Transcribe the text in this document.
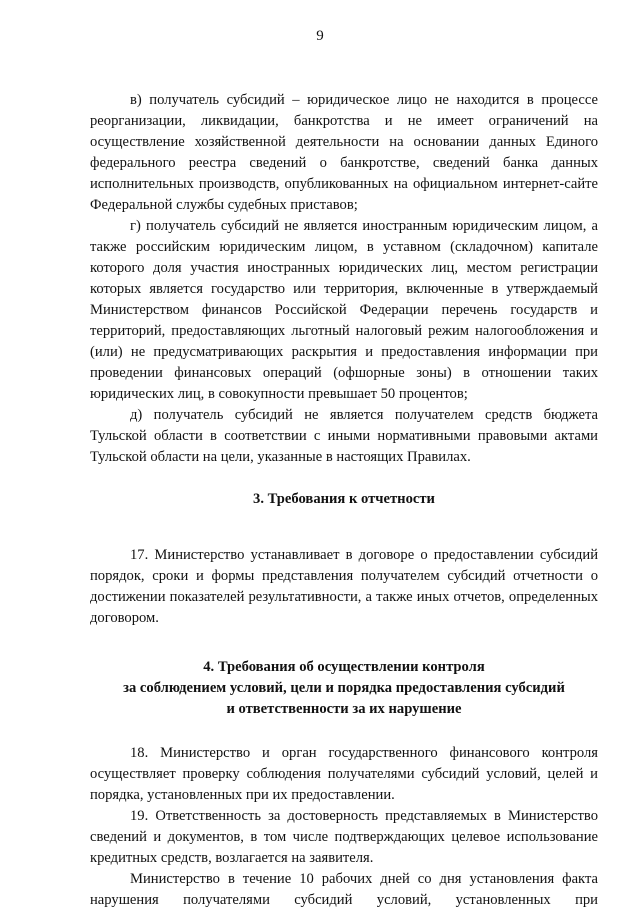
9

в) получатель субсидий – юридическое лицо не находится в процессе реорганизации, ликвидации, банкротства и не имеет ограничений на осуществление хозяйственной деятельности на основании данных Единого федерального реестра сведений о банкротстве, сведений банка данных исполнительных производств, опубликованных на официальном интернет-сайте Федеральной службы судебных приставов;

г) получатель субсидий не является иностранным юридическим лицом, а также российским юридическим лицом, в уставном (складочном) капитале которого доля участия иностранных юридических лиц, местом регистрации которых является государство или территория, включенные в утверждаемый Министерством финансов Российской Федерации перечень государств и территорий, предоставляющих льготный налоговый режим налогообложения и (или) не предусматривающих раскрытия и предоставления информации при проведении финансовых операций (офшорные зоны) в отношении таких юридических лиц, в совокупности превышает 50 процентов;

д) получатель субсидий не является получателем средств бюджета Тульской области в соответствии с иными нормативными правовыми актами Тульской области на цели, указанные в настоящих Правилах.

3. Требования к отчетности

17. Министерство устанавливает в договоре о предоставлении субсидий порядок, сроки и формы представления получателем субсидий отчетности о достижении показателей результативности, а также иных отчетов, определенных договором.

4. Требования об осуществлении контроля
за соблюдением условий, цели и порядка предоставления субсидий
и ответственности за их нарушение

18. Министерство и орган государственного финансового контроля осуществляет проверку соблюдения получателями субсидий условий, целей и порядка, установленных при их предоставлении.

19. Ответственность за достоверность представляемых в Министерство сведений и документов, в том числе подтверждающих целевое использование кредитных средств, возлагается на заявителя.

Министерство в течение 10 рабочих дней со дня установления факта нарушения получателями субсидий условий, установленных при
